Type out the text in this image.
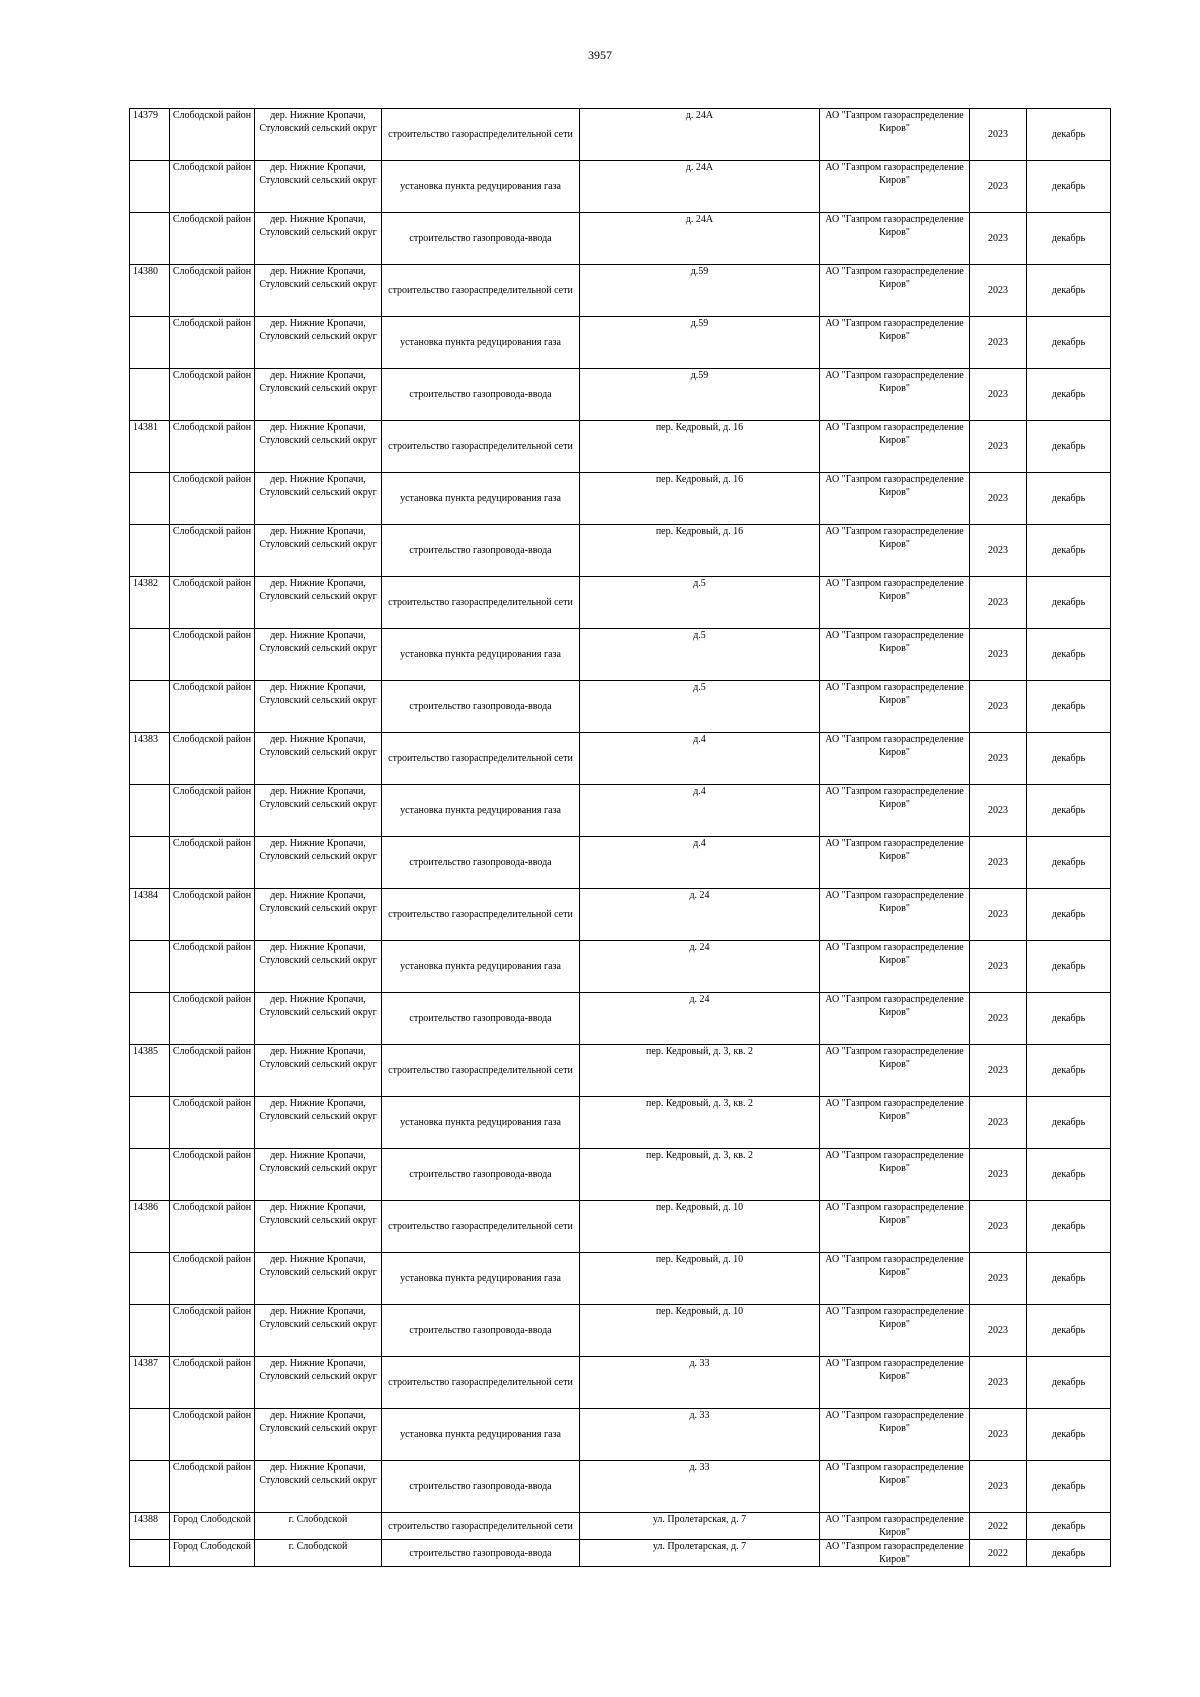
3957
14379	Слободской район	дер. Нижние Кропачи, Стуловский сельский округ	строительство газораспределительной сети	д. 24А	АО "Газпром газораспределение Киров"	2023	декабрь
	Слободской район	дер. Нижние Кропачи, Стуловский сельский округ	установка пункта редуцирования газа	д. 24А	АО "Газпром газораспределение Киров"	2023	декабрь
	Слободской район	дер. Нижние Кропачи, Стуловский сельский округ	строительство газопровода-ввода	д. 24А	АО "Газпром газораспределение Киров"	2023	декабрь
14380	Слободской район	дер. Нижние Кропачи, Стуловский сельский округ	строительство газораспределительной сети	д.59	АО "Газпром газораспределение Киров"	2023	декабрь
	Слободской район	дер. Нижние Кропачи, Стуловский сельский округ	установка пункта редуцирования газа	д.59	АО "Газпром газораспределение Киров"	2023	декабрь
	Слободской район	дер. Нижние Кропачи, Стуловский сельский округ	строительство газопровода-ввода	д.59	АО "Газпром газораспределение Киров"	2023	декабрь
14381	Слободской район	дер. Нижние Кропачи, Стуловский сельский округ	строительство газораспределительной сети	пер. Кедровый, д. 16	АО "Газпром газораспределение Киров"	2023	декабрь
	Слободской район	дер. Нижние Кропачи, Стуловский сельский округ	установка пункта редуцирования газа	пер. Кедровый, д. 16	АО "Газпром газораспределение Киров"	2023	декабрь
	Слободской район	дер. Нижние Кропачи, Стуловский сельский округ	строительство газопровода-ввода	пер. Кедровый, д. 16	АО "Газпром газораспределение Киров"	2023	декабрь
14382	Слободской район	дер. Нижние Кропачи, Стуловский сельский округ	строительство газораспределительной сети	д.5	АО "Газпром газораспределение Киров"	2023	декабрь
	Слободской район	дер. Нижние Кропачи, Стуловский сельский округ	установка пункта редуцирования газа	д.5	АО "Газпром газораспределение Киров"	2023	декабрь
	Слободской район	дер. Нижние Кропачи, Стуловский сельский округ	строительство газопровода-ввода	д.5	АО "Газпром газораспределение Киров"	2023	декабрь
14383	Слободской район	дер. Нижние Кропачи, Стуловский сельский округ	строительство газораспределительной сети	д.4	АО "Газпром газораспределение Киров"	2023	декабрь
	Слободской район	дер. Нижние Кропачи, Стуловский сельский округ	установка пункта редуцирования газа	д.4	АО "Газпром газораспределение Киров"	2023	декабрь
	Слободской район	дер. Нижние Кропачи, Стуловский сельский округ	строительство газопровода-ввода	д.4	АО "Газпром газораспределение Киров"	2023	декабрь
14384	Слободской район	дер. Нижние Кропачи, Стуловский сельский округ	строительство газораспределительной сети	д. 24	АО "Газпром газораспределение Киров"	2023	декабрь
	Слободской район	дер. Нижние Кропачи, Стуловский сельский округ	установка пункта редуцирования газа	д. 24	АО "Газпром газораспределение Киров"	2023	декабрь
	Слободской район	дер. Нижние Кропачи, Стуловский сельский округ	строительство газопровода-ввода	д. 24	АО "Газпром газораспределение Киров"	2023	декабрь
14385	Слободской район	дер. Нижние Кропачи, Стуловский сельский округ	строительство газораспределительной сети	пер. Кедровый, д. 3, кв. 2	АО "Газпром газораспределение Киров"	2023	декабрь
	Слободской район	дер. Нижние Кропачи, Стуловский сельский округ	установка пункта редуцирования газа	пер. Кедровый, д. 3, кв. 2	АО "Газпром газораспределение Киров"	2023	декабрь
	Слободской район	дер. Нижние Кропачи, Стуловский сельский округ	строительство газопровода-ввода	пер. Кедровый, д. 3, кв. 2	АО "Газпром газораспределение Киров"	2023	декабрь
14386	Слободской район	дер. Нижние Кропачи, Стуловский сельский округ	строительство газораспределительной сети	пер. Кедровый, д. 10	АО "Газпром газораспределение Киров"	2023	декабрь
	Слободской район	дер. Нижние Кропачи, Стуловский сельский округ	установка пункта редуцирования газа	пер. Кедровый, д. 10	АО "Газпром газораспределение Киров"	2023	декабрь
	Слободской район	дер. Нижние Кропачи, Стуловский сельский округ	строительство газопровода-ввода	пер. Кедровый, д. 10	АО "Газпром газораспределение Киров"	2023	декабрь
14387	Слободской район	дер. Нижние Кропачи, Стуловский сельский округ	строительство газораспределительной сети	д. 33	АО "Газпром газораспределение Киров"	2023	декабрь
	Слободской район	дер. Нижние Кропачи, Стуловский сельский округ	установка пункта редуцирования газа	д. 33	АО "Газпром газораспределение Киров"	2023	декабрь
	Слободской район	дер. Нижние Кропачи, Стуловский сельский округ	строительство газопровода-ввода	д. 33	АО "Газпром газораспределение Киров"	2023	декабрь
14388	Город Слободской	г. Слободской	строительство газораспределительной сети	ул. Пролетарская, д. 7	АО "Газпром газораспределение Киров"	2022	декабрь
	Город Слободской	г. Слободской	строительство газопровода-ввода	ул. Пролетарская, д. 7	АО "Газпром газораспределение Киров"	2022	декабрь
